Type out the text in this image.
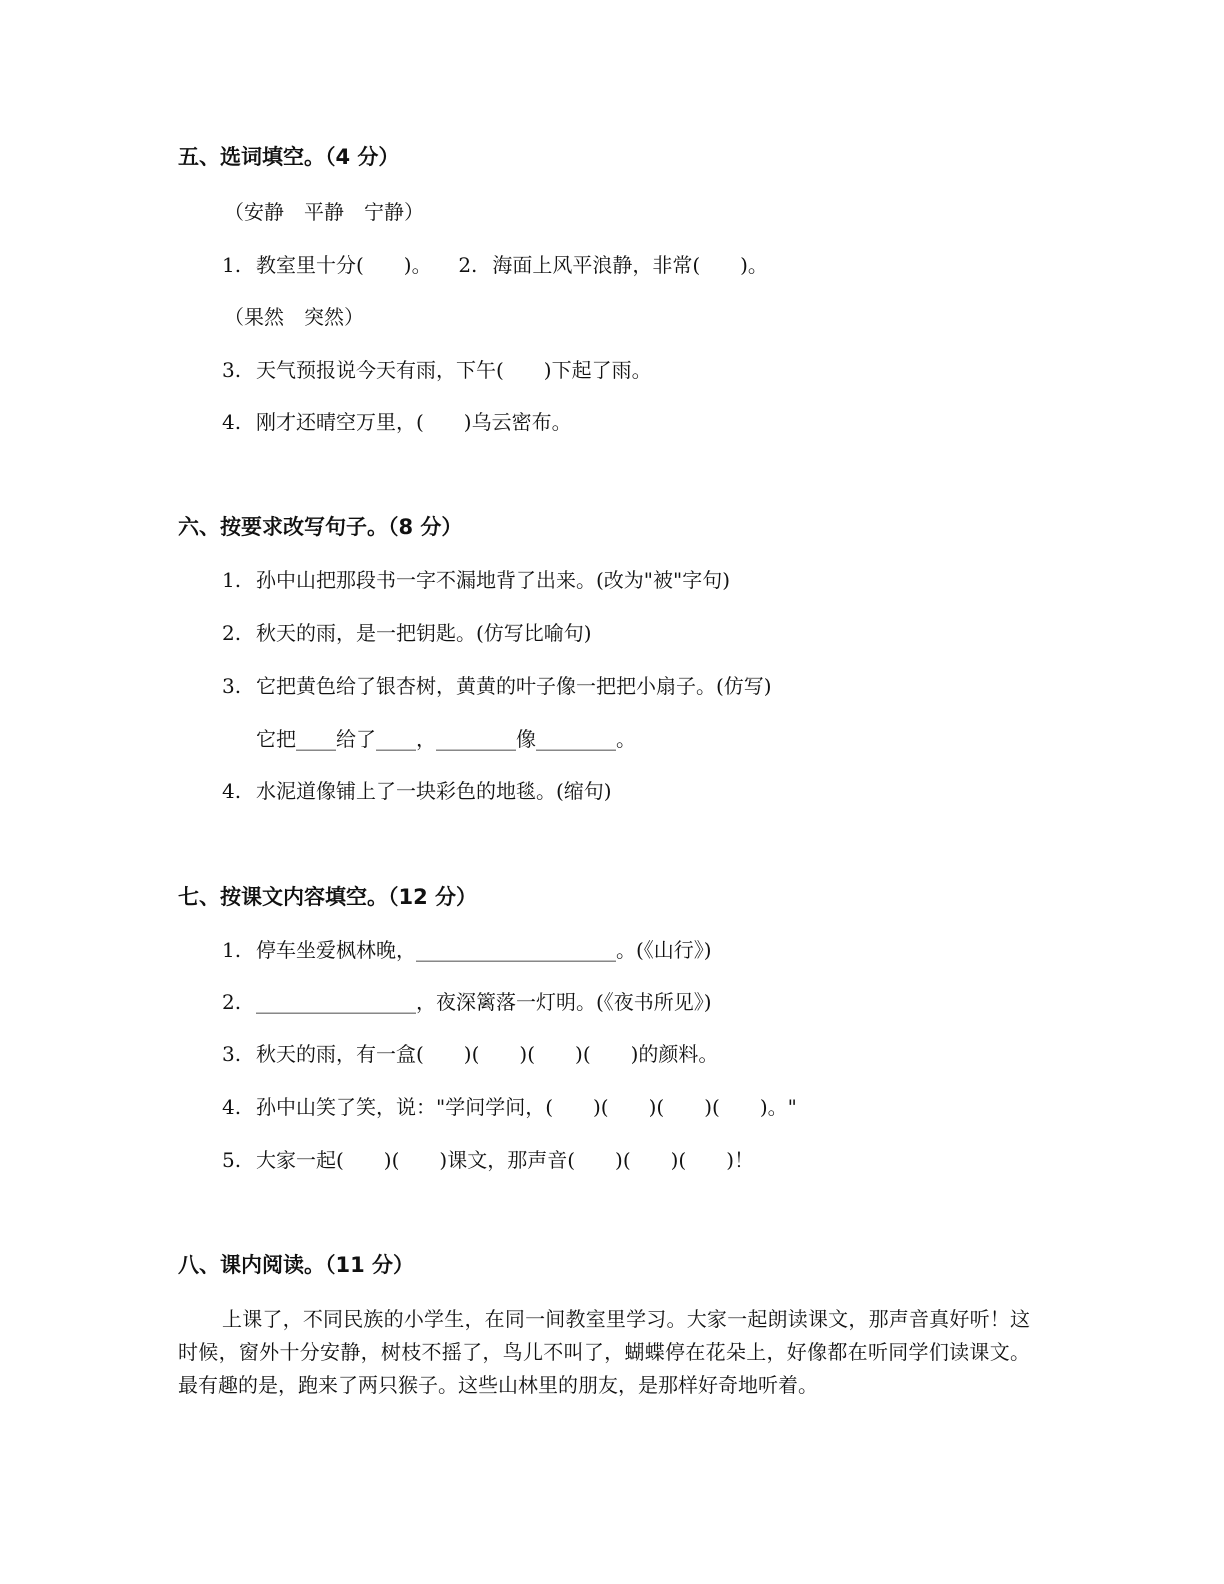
五、选词填空。（4 分）
（安静　平静　宁静）
1. 教室里十分(　　)。 2. 海面上风平浪静，非常(　　)。
（果然　突然）
3. 天气预报说今天有雨，下午(　　)下起了雨。
4. 刚才还晴空万里，(　　)乌云密布。
六、按要求改写句子。（8 分）
1. 孙中山把那段书一字不漏地背了出来。(改为"被"字句)
2. 秋天的雨，是一把钥匙。(仿写比喻句)
3. 它把黄色给了银杏树，黄黄的叶子像一把把小扇子。(仿写)
它把____给了____，________像________。
4. 水泥道像铺上了一块彩色的地毯。(缩句)
七、按课文内容填空。（12 分）
1. 停车坐爱枫林晚，____________________。(《山行》)
2. ________________，夜深篱落一灯明。(《夜书所见》)
3. 秋天的雨，有一盒(　　)(　　)(　　)(　　)的颜料。
4. 孙中山笑了笑，说："学问学问，(　　)(　　)(　　)(　　)。"
5. 大家一起(　　)(　　)课文，那声音(　　)(　　)(　　)！
八、课内阅读。（11 分）
上课了，不同民族的小学生，在同一间教室里学习。大家一起朗读课文，那声音真好听！这时候，窗外十分安静，树枝不摇了，鸟儿不叫了，蝴蝶停在花朵上，好像都在听同学们读课文。最有趣的是，跑来了两只猴子。这些山林里的朋友，是那样好奇地听着。
